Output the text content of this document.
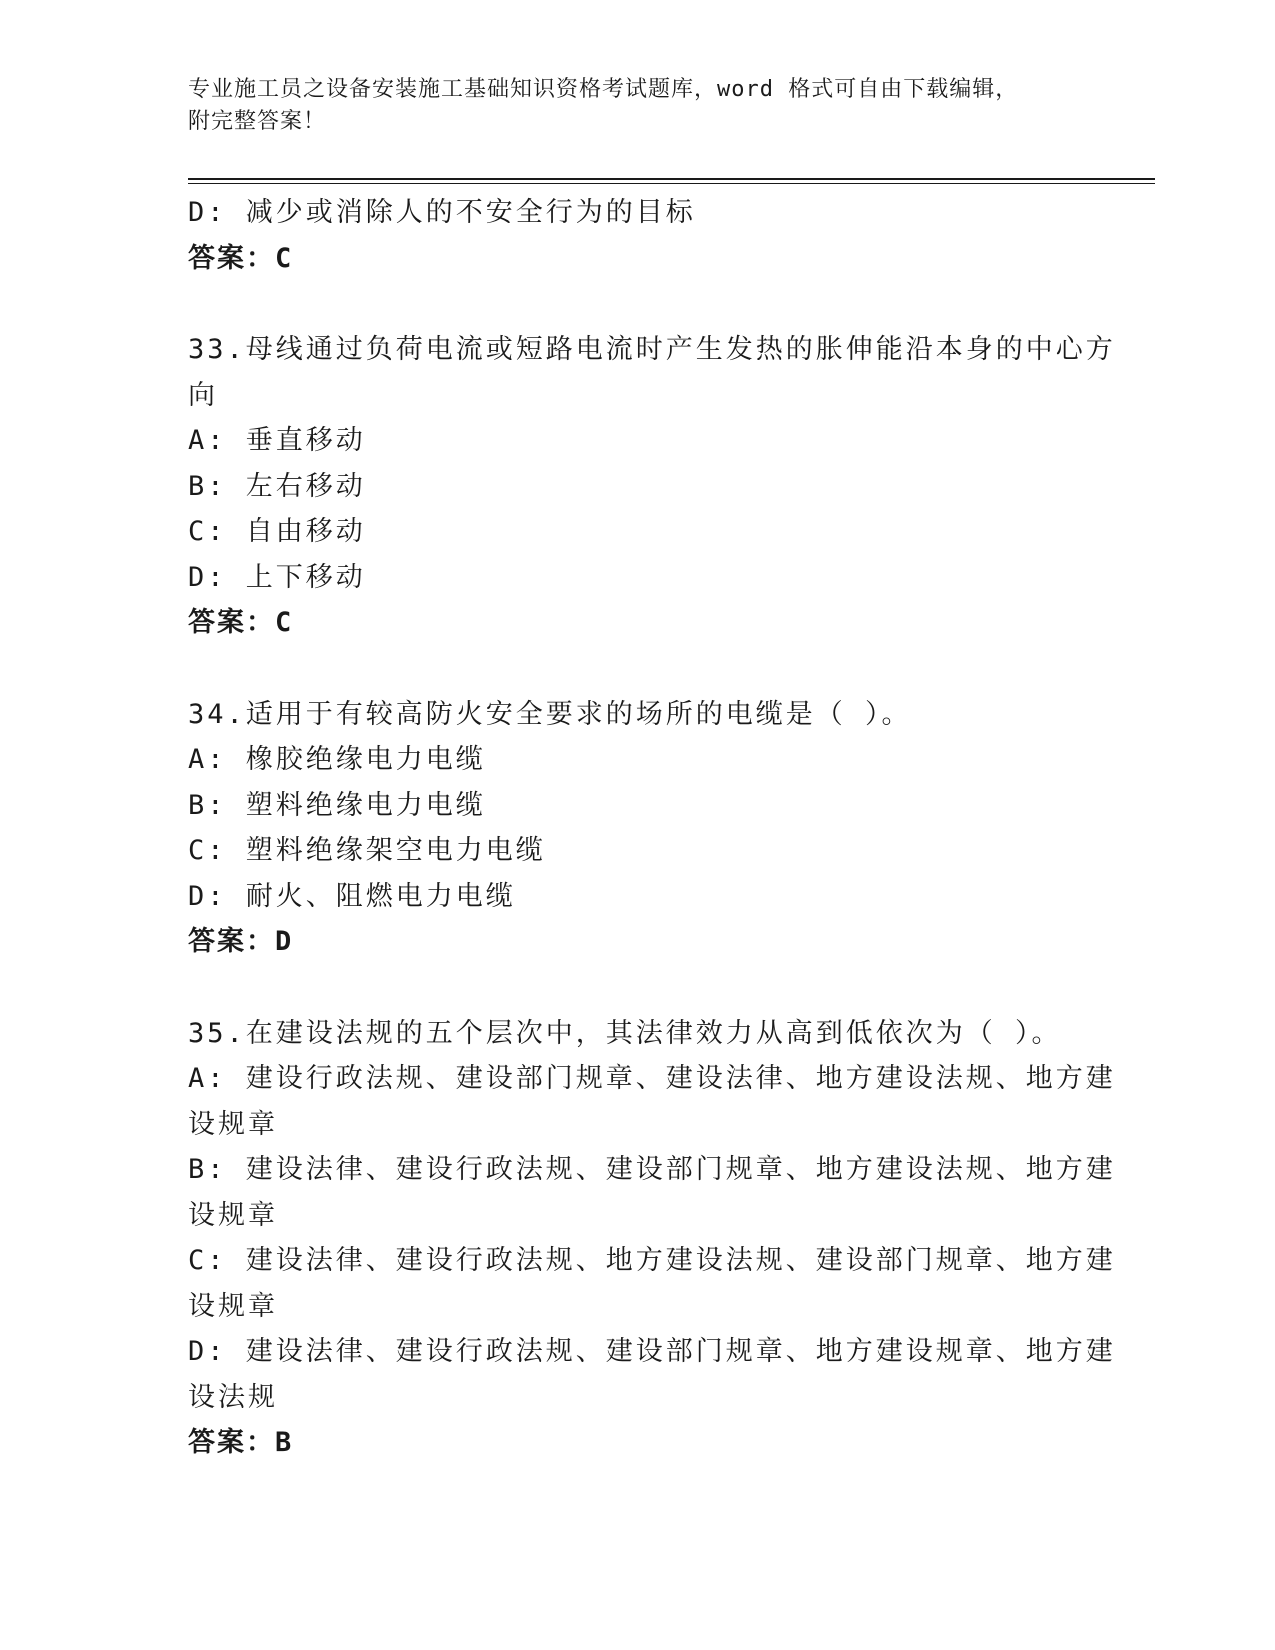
专业施工员之设备安装施工基础知识资格考试题库，word 格式可自由下载编辑，
附完整答案！
D: 减少或消除人的不安全行为的目标
答案：C
33.母线通过负荷电流或短路电流时产生发热的胀伸能沿本身的中心方
向
A: 垂直移动
B: 左右移动
C: 自由移动
D: 上下移动
答案：C
34.适用于有较高防火安全要求的场所的电缆是（ ）。
A: 橡胶绝缘电力电缆
B: 塑料绝缘电力电缆
C: 塑料绝缘架空电力电缆
D: 耐火、阻燃电力电缆
答案：D
35.在建设法规的五个层次中，其法律效力从高到低依次为（ ）。
A: 建设行政法规、建设部门规章、建设法律、地方建设法规、地方建
设规章
B: 建设法律、建设行政法规、建设部门规章、地方建设法规、地方建
设规章
C: 建设法律、建设行政法规、地方建设法规、建设部门规章、地方建
设规章
D: 建设法律、建设行政法规、建设部门规章、地方建设规章、地方建
设法规
答案：B
